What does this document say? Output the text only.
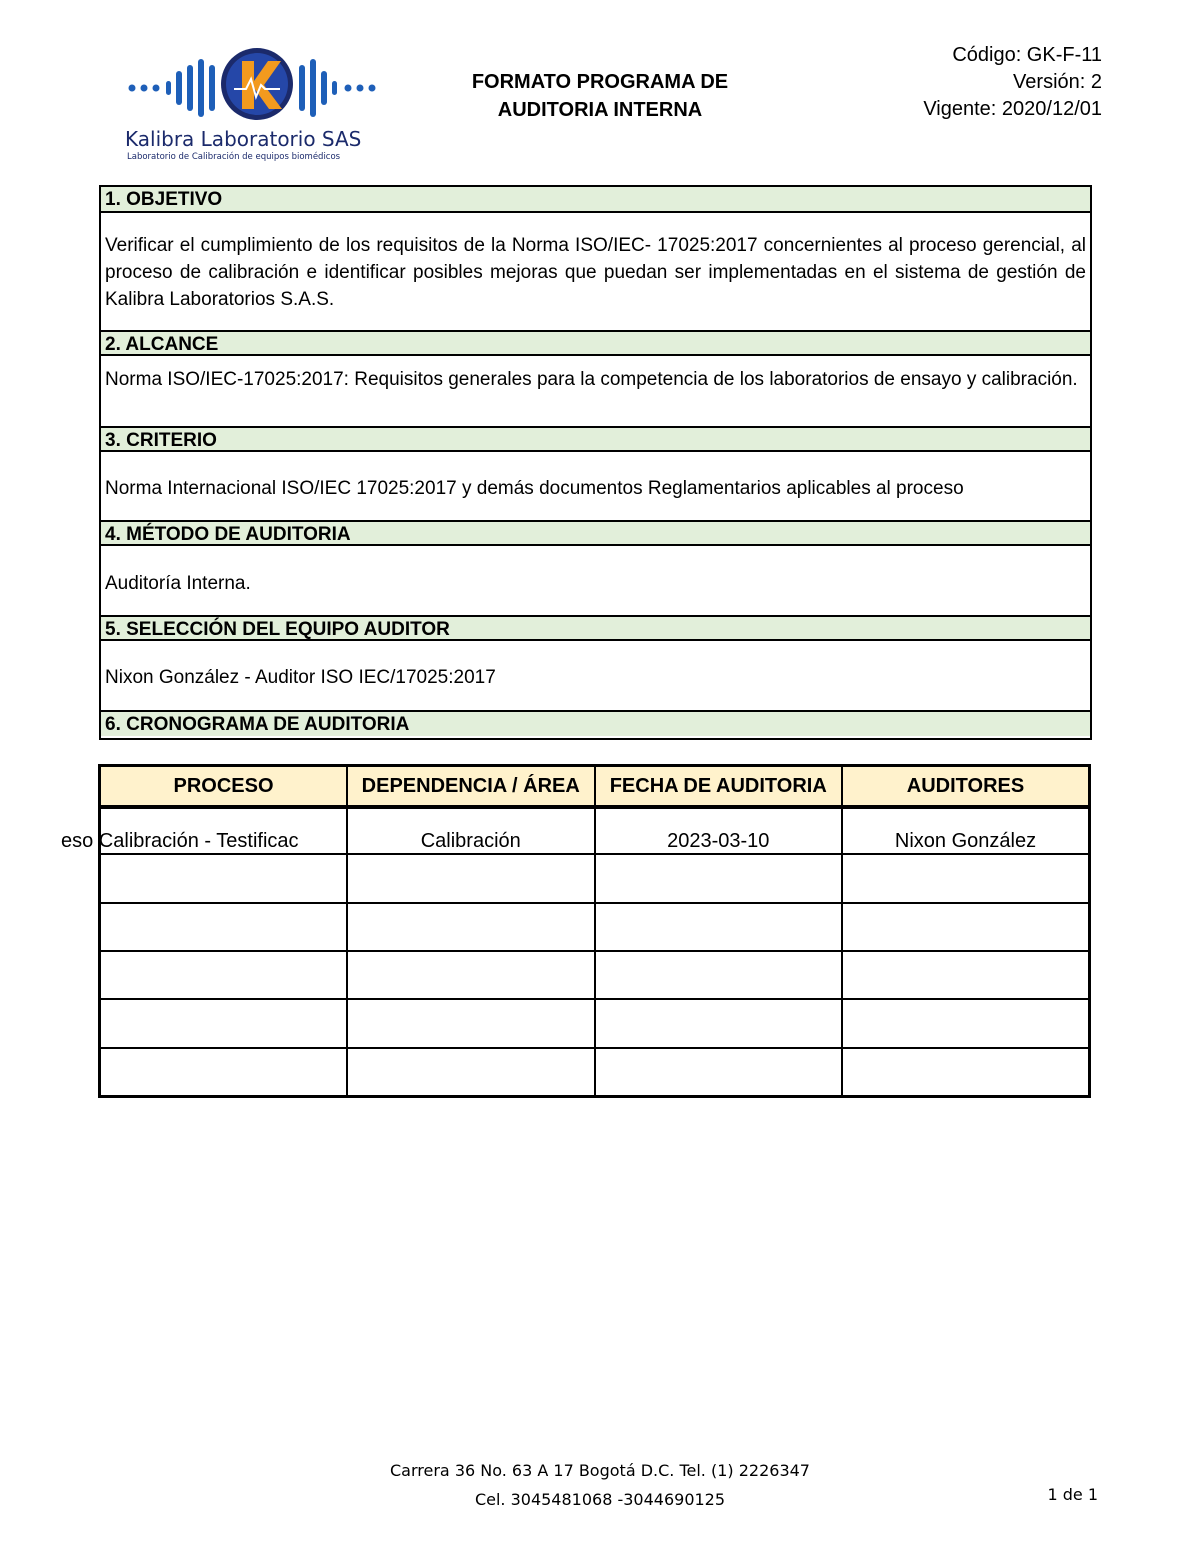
Kalibra Laboratorio SAS
Laboratorio de Calibración de equipos biomédicos
FORMATO PROGRAMA DE
AUDITORIA INTERNA
Código: GK-F-11
Versión: 2
Vigente: 2020/12/01
1. OBJETIVO
Verificar el cumplimiento de los requisitos de la Norma ISO/IEC- 17025:2017 concernientes al proceso gerencial, al proceso de calibración e identificar posibles mejoras que puedan ser implementadas en el sistema de gestión de Kalibra Laboratorios S.A.S.
2. ALCANCE
Norma ISO/IEC-17025:2017: Requisitos generales para la competencia de los laboratorios de ensayo y calibración.
3. CRITERIO
Norma Internacional ISO/IEC 17025:2017 y demás documentos Reglamentarios aplicables al proceso
4. MÉTODO DE AUDITORIA
Auditoría Interna.
5. SELECCIÓN DEL EQUIPO AUDITOR
Nixon González - Auditor ISO IEC/17025:2017
6. CRONOGRAMA DE AUDITORIA
PROCESO	DEPENDENCIA / ÁREA	FECHA DE AUDITORIA	AUDITORES
eso Calibración - Testificac	Calibración	2023-03-10	Nixon González

Carrera 36 No. 63 A 17 Bogotá D.C. Tel. (1) 2226347
Cel. 3045481068 -3044690125	1 de 1
